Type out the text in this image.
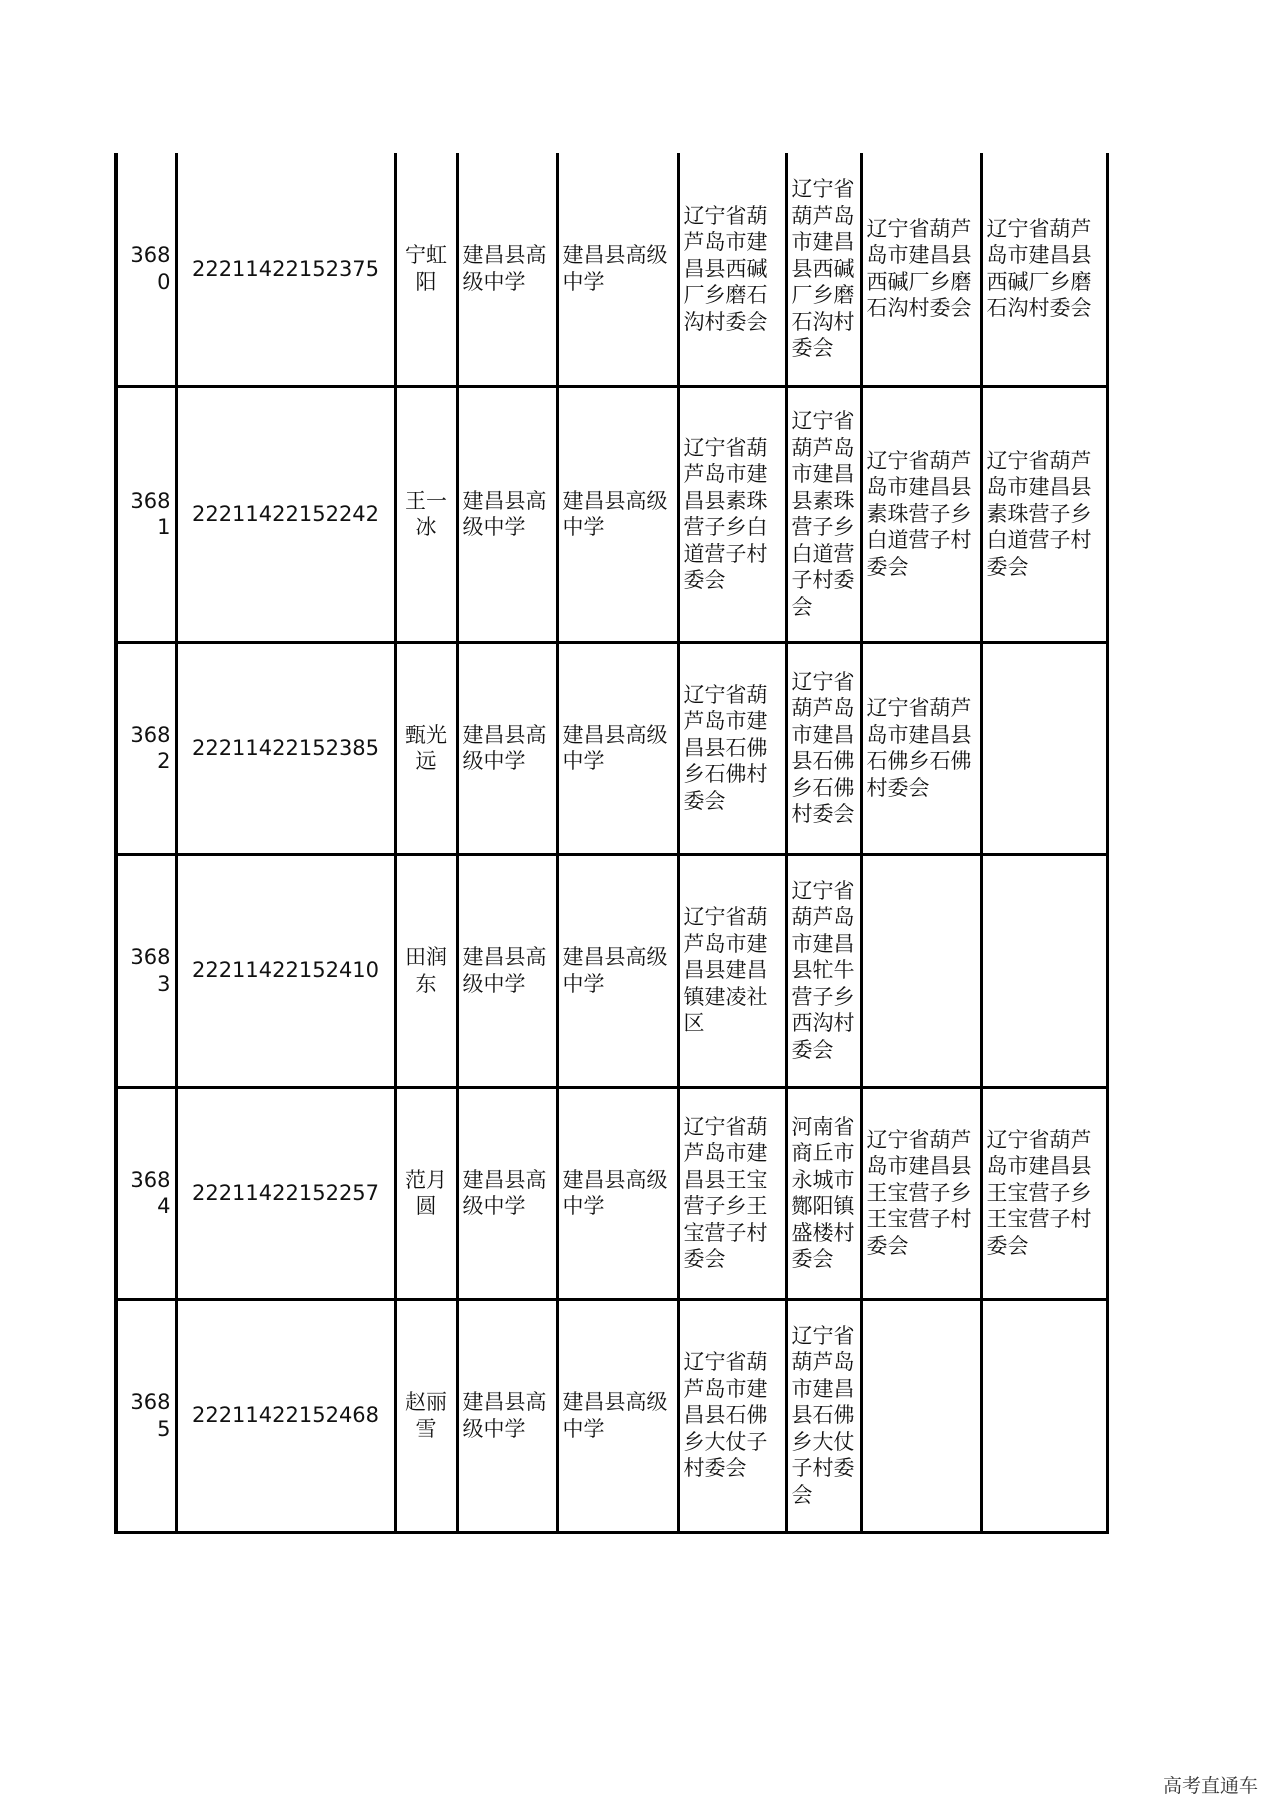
3680	22211422152375	宁虹阳	建昌县高级中学	建昌县高级中学	辽宁省葫芦岛市建昌县西碱厂乡磨石沟村委会	辽宁省葫芦岛市建昌县西碱厂乡磨石沟村委会	辽宁省葫芦岛市建昌县西碱厂乡磨石沟村委会	辽宁省葫芦岛市建昌县西碱厂乡磨石沟村委会
3681	22211422152242	王一冰	建昌县高级中学	建昌县高级中学	辽宁省葫芦岛市建昌县素珠营子乡白道营子村委会	辽宁省葫芦岛市建昌县素珠营子乡白道营子村委会	辽宁省葫芦岛市建昌县素珠营子乡白道营子村委会	辽宁省葫芦岛市建昌县素珠营子乡白道营子村委会
3682	22211422152385	甄光远	建昌县高级中学	建昌县高级中学	辽宁省葫芦岛市建昌县石佛乡石佛村委会	辽宁省葫芦岛市建昌县石佛乡石佛村委会	辽宁省葫芦岛市建昌县石佛乡石佛村委会	
3683	22211422152410	田润东	建昌县高级中学	建昌县高级中学	辽宁省葫芦岛市建昌县建昌镇建凌社区	辽宁省葫芦岛市建昌县牤牛营子乡西沟村委会		
3684	22211422152257	范月圆	建昌县高级中学	建昌县高级中学	辽宁省葫芦岛市建昌县王宝营子乡王宝营子村委会	河南省商丘市永城市酂阳镇盛楼村委会	辽宁省葫芦岛市建昌县王宝营子乡王宝营子村委会	辽宁省葫芦岛市建昌县王宝营子乡王宝营子村委会
3685	22211422152468	赵丽雪	建昌县高级中学	建昌县高级中学	辽宁省葫芦岛市建昌县石佛乡大仗子村委会	辽宁省葫芦岛市建昌县石佛乡大仗子村委会		
高考直通车
